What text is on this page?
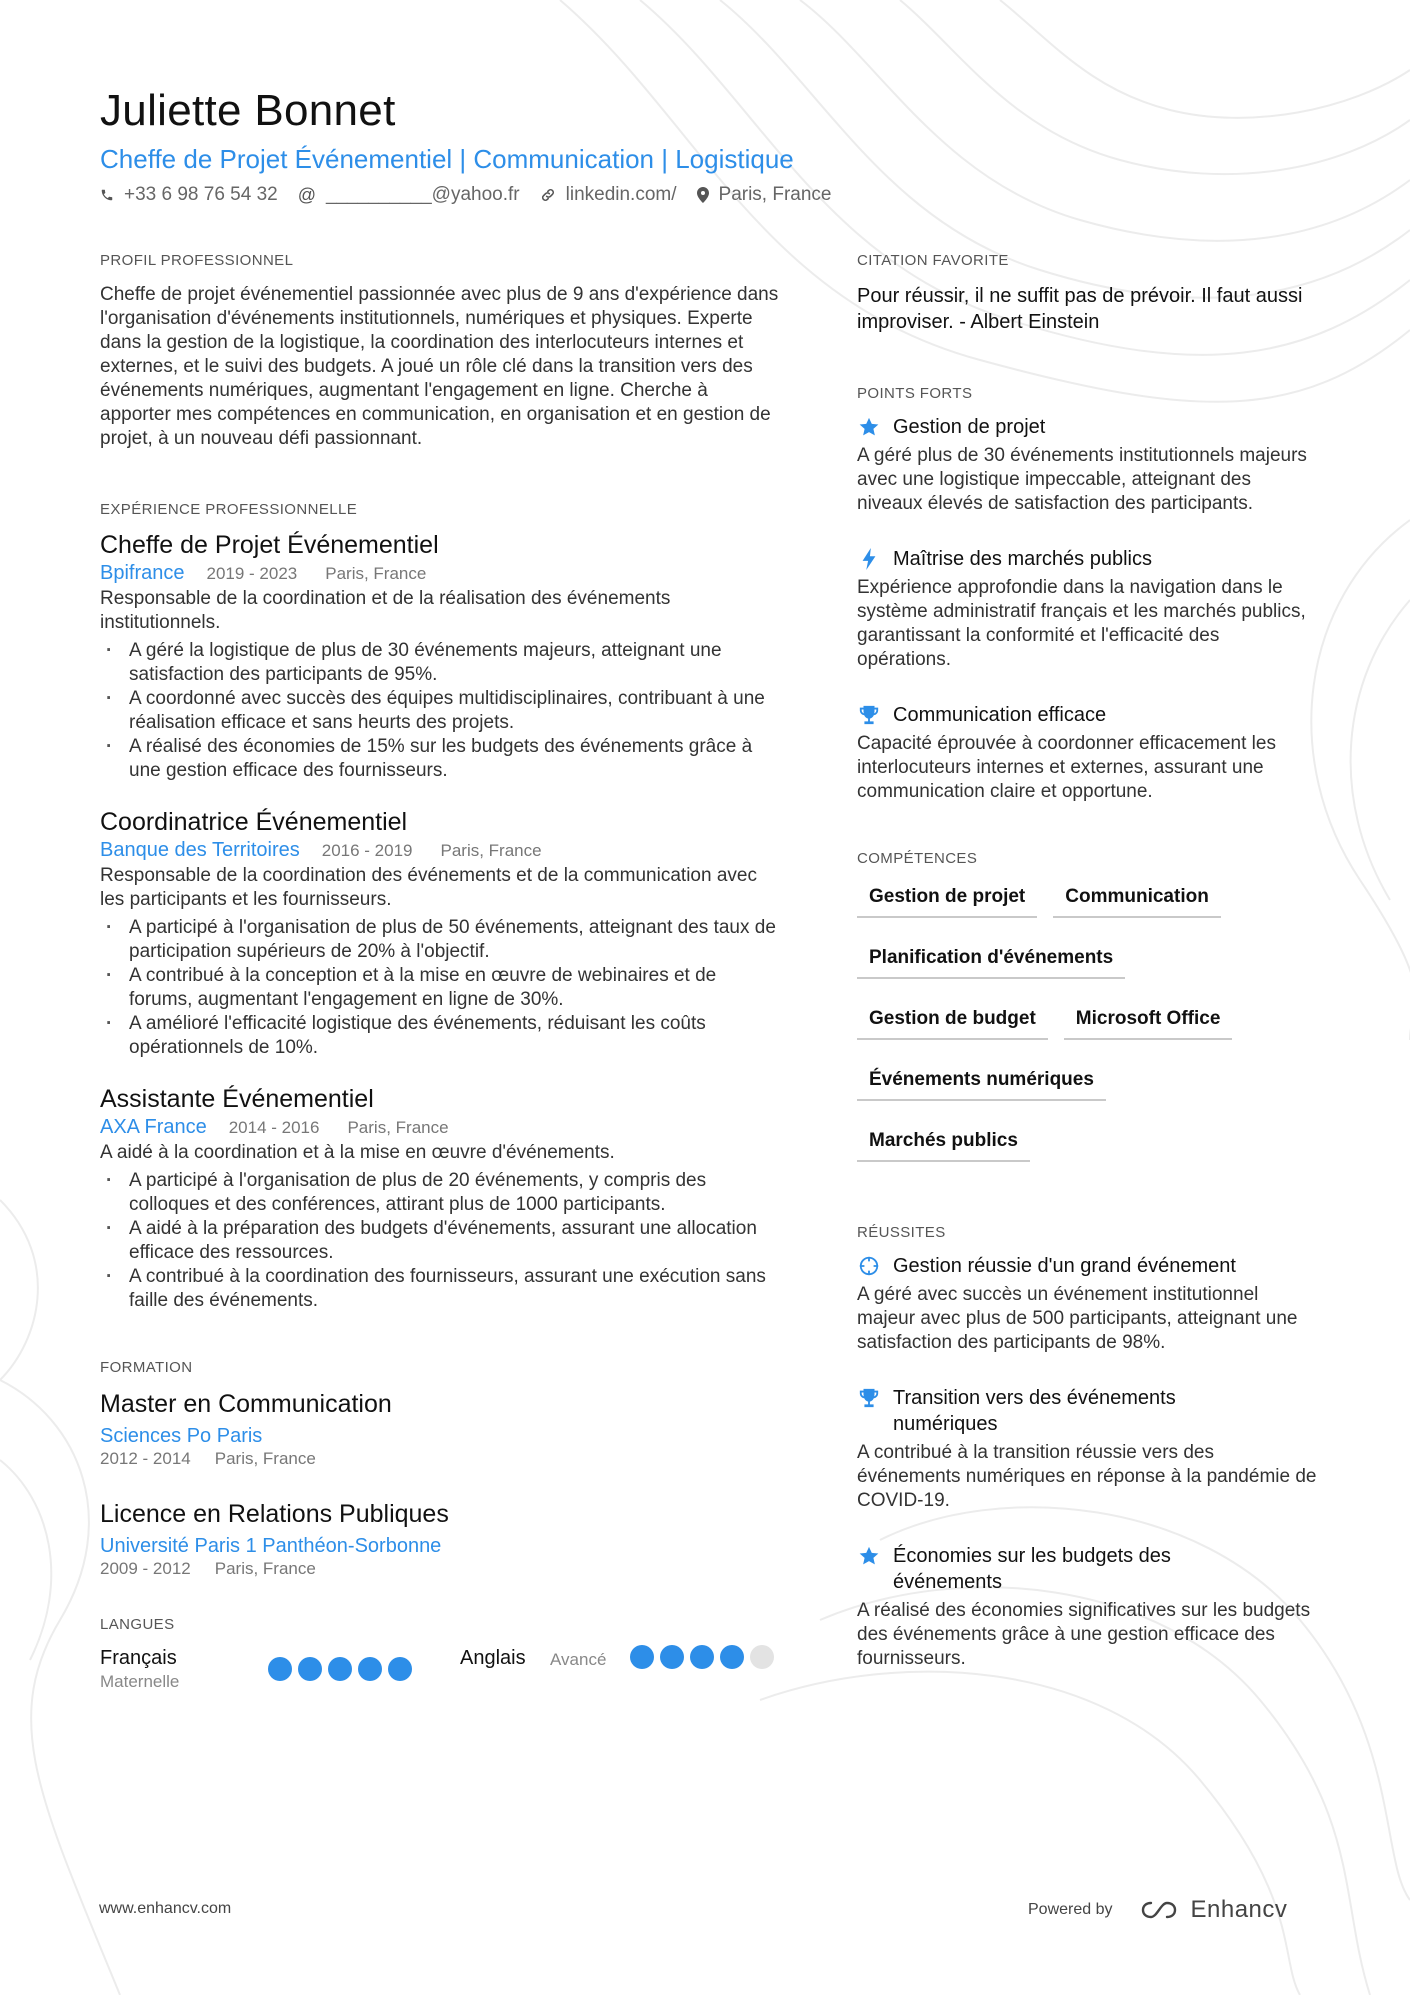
Juliette Bonnet
Cheffe de Projet Événementiel | Communication | Logistique
+33 6 98 76 54 32 @ __________@yahoo.fr linkedin.com/ Paris, France
PROFIL PROFESSIONNEL
Cheffe de projet événementiel passionnée avec plus de 9 ans d'expérience dans l'organisation d'événements institutionnels, numériques et physiques. Experte dans la gestion de la logistique, la coordination des interlocuteurs internes et externes, et le suivi des budgets. A joué un rôle clé dans la transition vers des événements numériques, augmentant l'engagement en ligne. Cherche à apporter mes compétences en communication, en organisation et en gestion de projet, à un nouveau défi passionnant.
EXPÉRIENCE PROFESSIONNELLE
Cheffe de Projet Événementiel
Bpifrance 2019 - 2023 Paris, France
Responsable de la coordination et de la réalisation des événements institutionnels.
· A géré la logistique de plus de 30 événements majeurs, atteignant une satisfaction des participants de 95%.
· A coordonné avec succès des équipes multidisciplinaires, contribuant à une réalisation efficace et sans heurts des projets.
· A réalisé des économies de 15% sur les budgets des événements grâce à une gestion efficace des fournisseurs.
Coordinatrice Événementiel
Banque des Territoires 2016 - 2019 Paris, France
Responsable de la coordination des événements et de la communication avec les participants et les fournisseurs.
· A participé à l'organisation de plus de 50 événements, atteignant des taux de participation supérieurs de 20% à l'objectif.
· A contribué à la conception et à la mise en œuvre de webinaires et de forums, augmentant l'engagement en ligne de 30%.
· A amélioré l'efficacité logistique des événements, réduisant les coûts opérationnels de 10%.
Assistante Événementiel
AXA France 2014 - 2016 Paris, France
A aidé à la coordination et à la mise en œuvre d'événements.
· A participé à l'organisation de plus de 20 événements, y compris des colloques et des conférences, attirant plus de 1000 participants.
· A aidé à la préparation des budgets d'événements, assurant une allocation efficace des ressources.
· A contribué à la coordination des fournisseurs, assurant une exécution sans faille des événements.
FORMATION
Master en Communication
Sciences Po Paris
2012 - 2014 Paris, France
Licence en Relations Publiques
Université Paris 1 Panthéon-Sorbonne
2009 - 2012 Paris, France
LANGUES
Français
Maternelle
Anglais	Avancé
CITATION FAVORITE
Pour réussir, il ne suffit pas de prévoir. Il faut aussi improviser. - Albert Einstein
POINTS FORTS
Gestion de projet
A géré plus de 30 événements institutionnels majeurs avec une logistique impeccable, atteignant des niveaux élevés de satisfaction des participants.
Maîtrise des marchés publics
Expérience approfondie dans la navigation dans le système administratif français et les marchés publics, garantissant la conformité et l'efficacité des opérations.
Communication efficace
Capacité éprouvée à coordonner efficacement les interlocuteurs internes et externes, assurant une communication claire et opportune.
COMPÉTENCES
Gestion de projet	Communication
Planification d'événements
Gestion de budget	Microsoft Office
Événements numériques
Marchés publics
RÉUSSITES
Gestion réussie d'un grand événement
A géré avec succès un événement institutionnel majeur avec plus de 500 participants, atteignant une satisfaction des participants de 98%.
Transition vers des événements numériques
A contribué à la transition réussie vers des événements numériques en réponse à la pandémie de COVID-19.
Économies sur les budgets des événements
A réalisé des économies significatives sur les budgets des événements grâce à une gestion efficace des fournisseurs.
www.enhancv.com	Powered by	Enhancv
